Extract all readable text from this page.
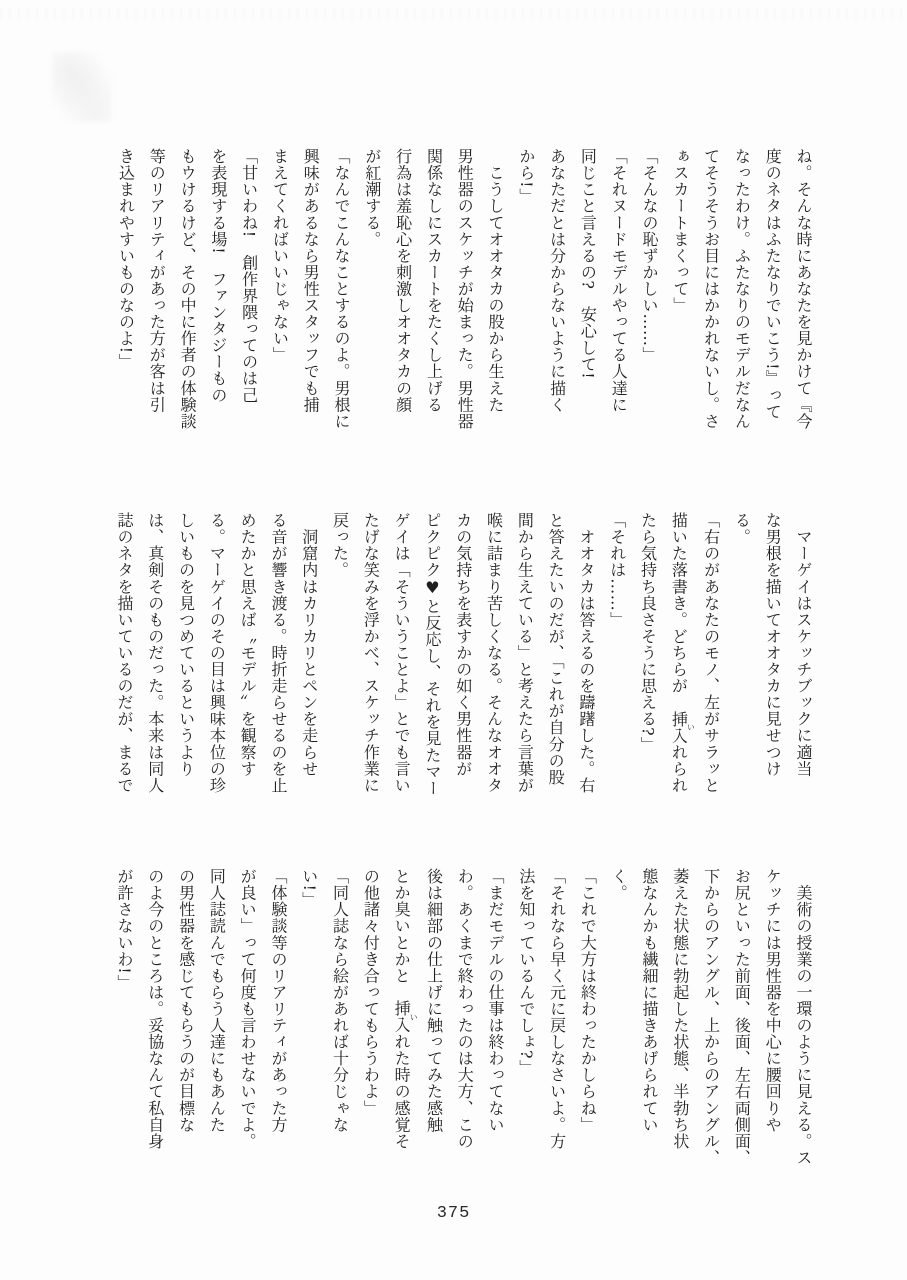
ね。そんな時にあなたを見かけて『今

度のネタはふたなりでいこう!』って

なったわけ。ふたなりのモデルだなん

てそうそうお目にはかかれないし。さ

ぁスカートまくって」

「そんなの恥ずかしい……」

「それヌードモデルやってる人達に

同じこと言えるの?　安心して!

あなただとは分からないように描く

から!」

　こうしてオオタカの股から生えた

男性器のスケッチが始まった。男性器

関係なしにスカートをたくし上げる

行為は羞恥心を刺激しオオタカの顔

が紅潮する。

「なんでこんなことするのよ。男根に

興味があるなら男性スタッフでも捕

まえてくればいいじゃない」

「甘いわね!　創作界隈ってのは己

を表現する場!　ファンタジーもの

もウけるけど、その中に作者の体験談

等のリアリティがあった方が客は引

き込まれやすいものなのよ!」

　マーゲイはスケッチブックに適当

な男根を描いてオオタカに見せつけ

る。

「右のがあなたのモノ、左がサラッと

描いた落書き。どちらが　挿入いれられ

たら気持ち良さそうに思える?」

「それは……」

　オオタカは答えるのを躊躇した。右

と答えたいのだが、「これが自分の股

間から生えている」と考えたら言葉が

喉に詰まり苦しくなる。そんなオオタ

カの気持ちを表すかの如く男性器が

ピクピク♥と反応し、それを見たマー

ゲイは「そういうことよ」とでも言い

たげな笑みを浮かべ、スケッチ作業に

戻った。

　洞窟内はカリカリとペンを走らせ

る音が響き渡る。時折走らせるのを止

めたかと思えば〝モデル〟を観察す

る。マーゲイのその目は興味本位の珍

しいものを見つめているというより

は、真剣そのものだった。本来は同人

誌のネタを描いているのだが、まるで

　美術の授業の一環のように見える。ス

ケッチには男性器を中心に腰回りや

お尻といった前面、後面、左右両側面、

下からのアングル、上からのアングル、

萎えた状態に勃起した状態、半勃ち状

態なんかも繊細に描きあげられてい

く。

「これで大方は終わったかしらね」

「それなら早く元に戻しなさいよ。方

法を知っているんでしょ?」

「まだモデルの仕事は終わってない

わ。あくまで終わったのは大方、この

後は細部の仕上げに触ってみた感触

とか臭いとかと　挿入いれた時の感覚そ

の他諸々付き合ってもらうわよ」

「同人誌なら絵があれば十分じゃな

い!」

「体験談等のリアリティがあった方

が良い」って何度も言わせないでよ。

同人誌読んでもらう人達にもあんた

の男性器を感じてもらうのが目標な

のよ今のところは。妥協なんて私自身

が許さないわ!」

375
